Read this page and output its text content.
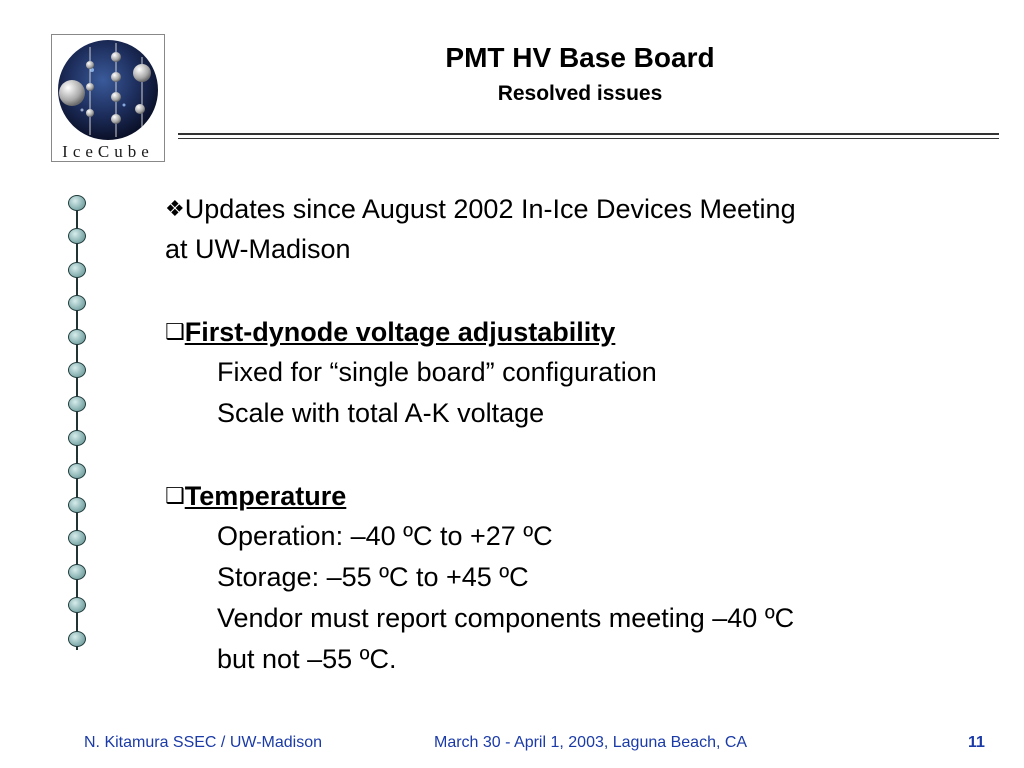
IceCube
PMT HV Base Board
Resolved issues
❖Updates since August 2002 In-Ice Devices Meeting
at UW-Madison
❑First-dynode voltage adjustability
Fixed for “single board” configuration
Scale with total A-K voltage
❑Temperature
Operation: –40 ºC to +27 ºC
Storage: –55 ºC to +45 ºC
Vendor must report components meeting –40 ºC
but not –55 ºC.
N. Kitamura SSEC / UW-Madison	March 30 - April 1, 2003, Laguna Beach, CA	11
